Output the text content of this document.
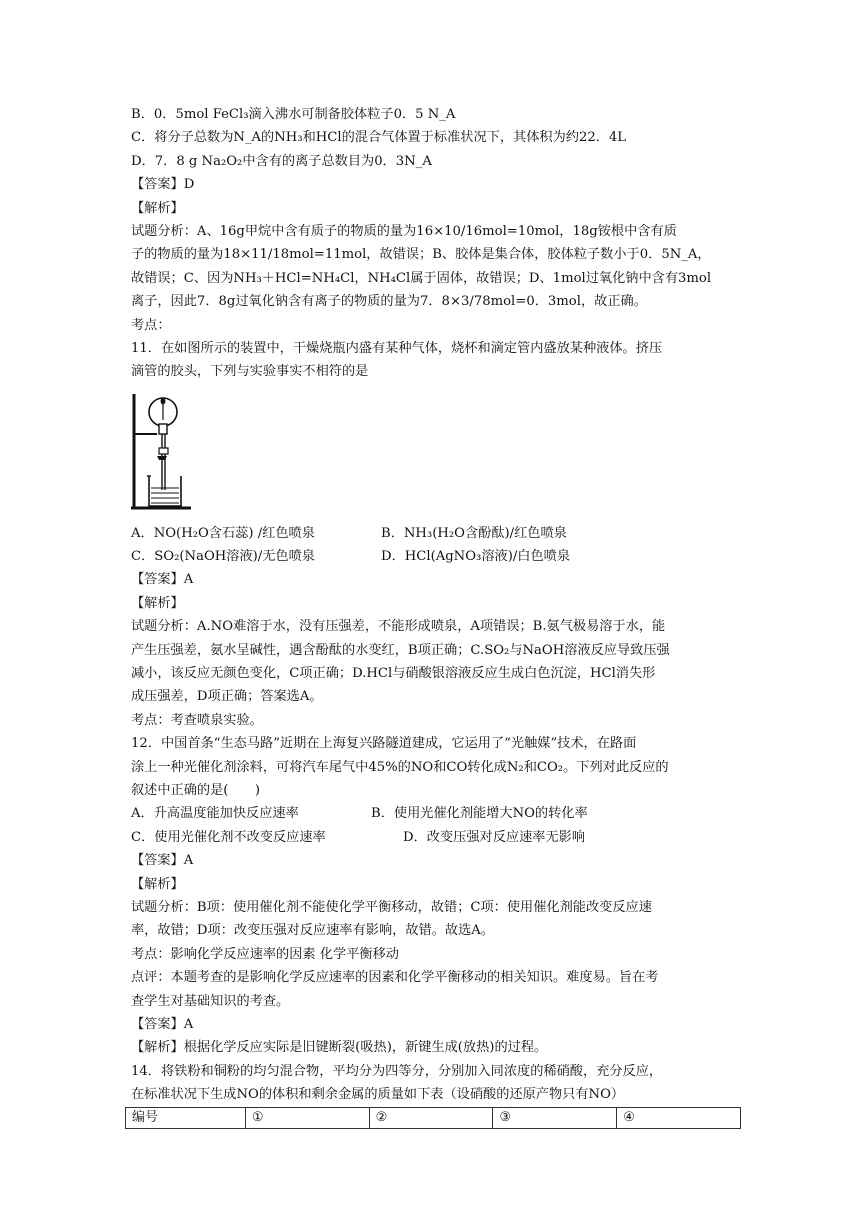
B．0．5mol FeCl₃滴入沸水可制备胶体粒子0．5 N_A
C．将分子总数为N_A的NH₃和HCl的混合气体置于标准状况下，其体积为约22．4L
D．7．8 g Na₂O₂中含有的离子总数目为0．3N_A
【答案】D
【解析】
试题分析：A、16g甲烷中含有质子的物质的量为16×10/16mol=10mol，18g铵根中含有质
子的物质的量为18×11/18mol=11mol，故错误；B、胶体是集合体，胶体粒子数小于0．5N_A，
故错误；C、因为NH₃＋HCl=NH₄Cl，NH₄Cl属于固体，故错误；D、1mol过氧化钠中含有3mol
离子，因此7．8g过氧化钠含有离子的物质的量为7．8×3/78mol=0．3mol，故正确。
考点：
11．在如图所示的装置中，干燥烧瓶内盛有某种气体，烧杯和滴定管内盛放某种液体。挤压
滴管的胶头，下列与实验事实不相符的是
A．NO(H₂O含石蕊) /红色喷泉	B．NH₃(H₂O含酚酞)/红色喷泉
C．SO₂(NaOH溶液)/无色喷泉	D．HCl(AgNO₃溶液)/白色喷泉
【答案】A
【解析】
试题分析：A.NO难溶于水，没有压强差，不能形成喷泉，A项错误；B.氨气极易溶于水，能
产生压强差，氨水呈碱性，遇含酚酞的水变红，B项正确；C.SO₂与NaOH溶液反应导致压强
减小，该反应无颜色变化，C项正确；D.HCl与硝酸银溶液反应生成白色沉淀，HCl消失形
成压强差，D项正确；答案选A。
考点：考查喷泉实验。
12．中国首条“生态马路”近期在上海复兴路隧道建成，它运用了“光触媒”技术，在路面
涂上一种光催化剂涂料，可将汽车尾气中45%的NO和CO转化成N₂和CO₂。下列对此反应的
叙述中正确的是(　　)
A．升高温度能加快反应速率	B．使用光催化剂能增大NO的转化率
C．使用光催化剂不改变反应速率	D．改变压强对反应速率无影响
【答案】A
【解析】
试题分析：B项：使用催化剂不能使化学平衡移动，故错；C项：使用催化剂能改变反应速
率，故错；D项：改变压强对反应速率有影响，故错。故选A。
考点：影响化学反应速率的因素 化学平衡移动
点评：本题考查的是影响化学反应速率的因素和化学平衡移动的相关知识。难度易。旨在考
查学生对基础知识的考查。
【答案】A
【解析】根据化学反应实际是旧键断裂(吸热)，新键生成(放热)的过程。
14．将铁粉和铜粉的均匀混合物，平均分为四等分，分别加入同浓度的稀硝酸，充分反应，
在标准状况下生成NO的体积和剩余金属的质量如下表（设硝酸的还原产物只有NO）
编号	①	②	③	④
